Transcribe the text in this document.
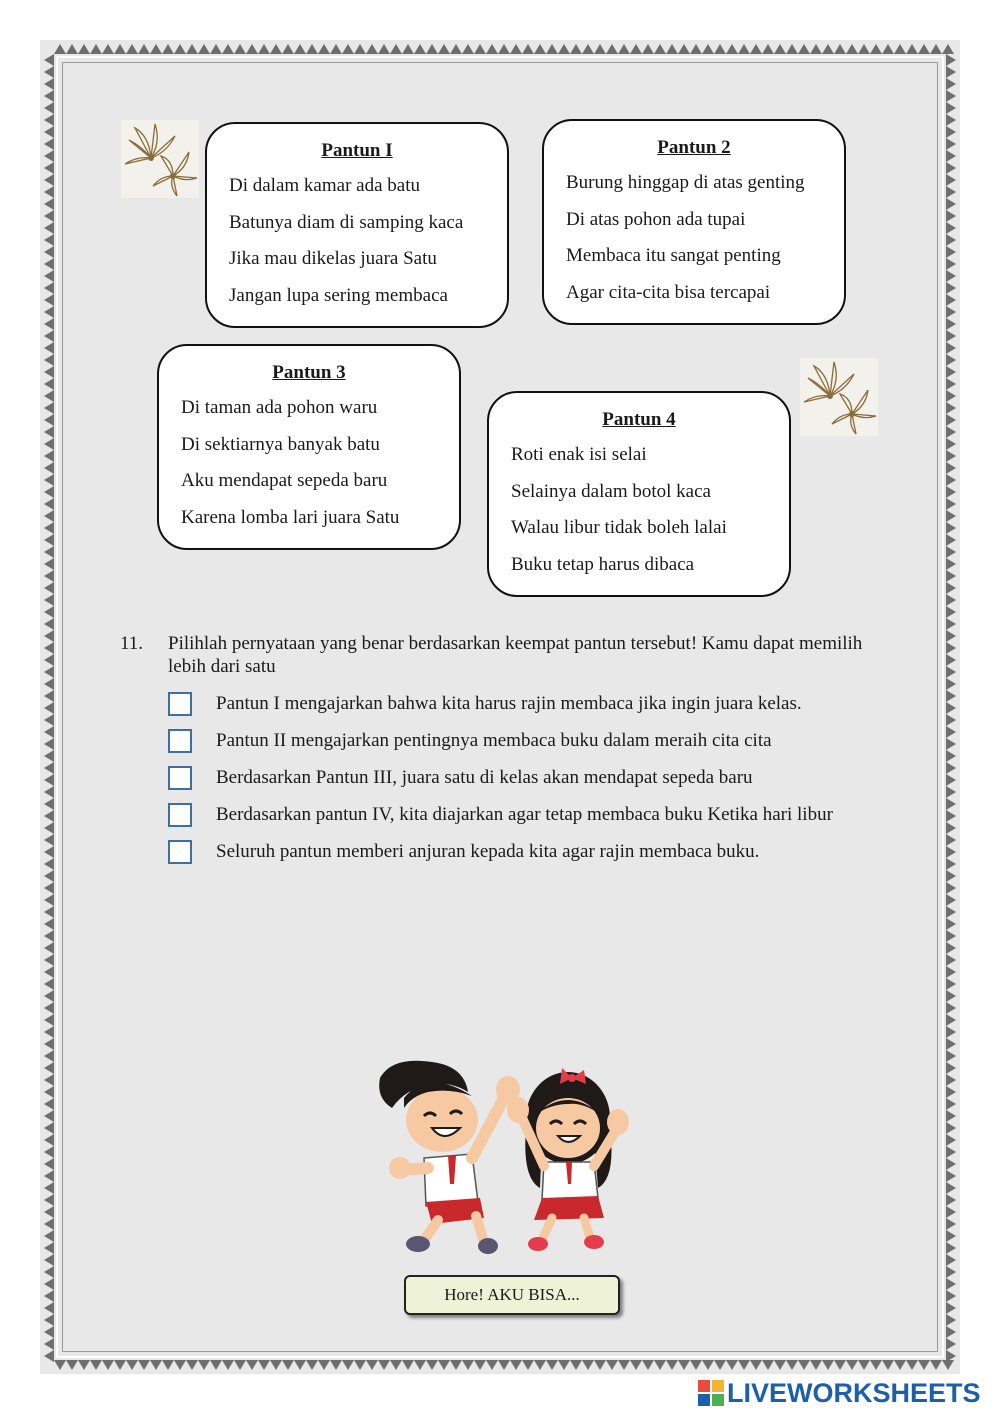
Pantun I
Di dalam kamar ada batu
Batunya diam di samping kaca
Jika mau dikelas juara Satu
Jangan lupa sering membaca
Pantun 2
Burung hinggap di atas genting
Di atas pohon ada tupai
Membaca itu sangat penting
Agar cita-cita bisa tercapai
Pantun 3
Di taman ada pohon waru
Di sektiarnya banyak batu
Aku mendapat sepeda baru
Karena lomba lari juara Satu
Pantun 4
Roti enak isi selai
Selainya dalam botol kaca
Walau libur tidak boleh lalai
Buku tetap harus dibaca
11. Pilihlah pernyataan yang benar berdasarkan keempat pantun tersebut! Kamu dapat memilih lebih dari satu
Pantun I mengajarkan bahwa kita harus rajin membaca jika ingin juara kelas.
Pantun II mengajarkan pentingnya membaca buku dalam meraih cita cita
Berdasarkan Pantun III, juara satu di kelas akan mendapat sepeda baru
Berdasarkan pantun IV, kita diajarkan agar tetap membaca buku Ketika hari libur
Seluruh pantun memberi anjuran kepada kita agar rajin membaca buku.
Hore! AKU BISA...
LIVEWORKSHEETS
